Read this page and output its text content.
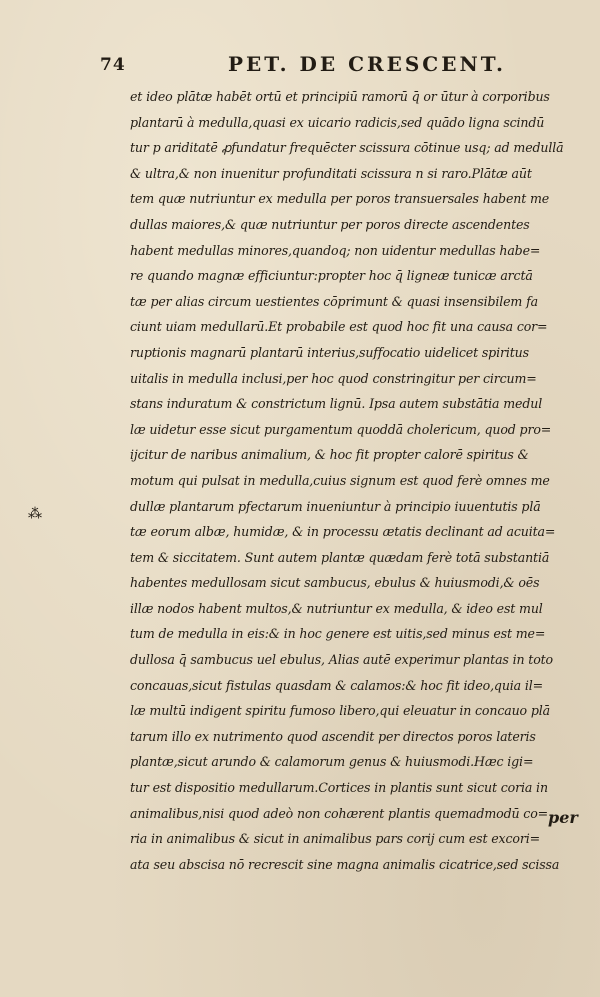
74	PET. DE CRESCENT.
⁂
et ideo plātæ habēt ortū et principiū ramorū q̄ or ūtur à corporibus
plantarū à medulla,quasi ex uicario radicis,sed quādo ligna scindū
tur p ariditatē ꝓfundatur frequēcter scissura cōtinue usq; ad medullā
& ultra,& non inuenitur profunditati scissura n si raro.Plātæ aūt
tem quæ nutriuntur ex medulla per poros transuersales habent me
dullas maiores,& quæ nutriuntur per poros directe ascendentes
habent medullas minores,quandoq; non uidentur medullas habe=
re quando magnæ efficiuntur:propter hoc q̄ ligneæ tunicæ arctā
tæ per alias circum uestientes cōprimunt & quasi insensibilem fa
ciunt uiam medullarū.Et probabile est quod hoc fit una causa cor=
ruptionis magnarū plantarū interius,suffocatio uidelicet spiritus
uitalis in medulla inclusi,per hoc quod constringitur per circum=
stans induratum & constrictum lignū. Ipsa autem substātia medul
læ uidetur esse sicut purgamentum quoddā cholericum, quod pro=
ijcitur de naribus animalium, & hoc fit propter calorē spiritus &
motum qui pulsat in medulla,cuius signum est quod ferè omnes me
dullæ plantarum pfectarum inueniuntur à principio iuuentutis plā
tæ eorum albæ, humidæ, & in processu ætatis declinant ad acuita=
tem & siccitatem. Sunt autem plantæ quædam ferè totā substantiā
habentes medullosam sicut sambucus, ebulus & huiusmodi,& oēs
illæ nodos habent multos,& nutriuntur ex medulla, & ideo est mul
tum de medulla in eis:& in hoc genere est uitis,sed minus est me=
dullosa q̄ sambucus uel ebulus, Alias autē experimur plantas in toto
concauas,sicut fistulas quasdam & calamos:& hoc fit ideo,quia il=
læ multū indigent spiritu fumoso libero,qui eleuatur in concauo plā
tarum illo ex nutrimento quod ascendit per directos poros lateris
plantæ,sicut arundo & calamorum genus & huiusmodi.Hæc igi=
tur est dispositio medullarum.Cortices in plantis sunt sicut coria in
animalibus,nisi quod adeò non cohærent plantis quemadmodū co=
ria in animalibus & sicut in animalibus pars corij cum est excori=
ata seu abscisa nō recrescit sine magna animalis cicatrice,sed scissa
per
